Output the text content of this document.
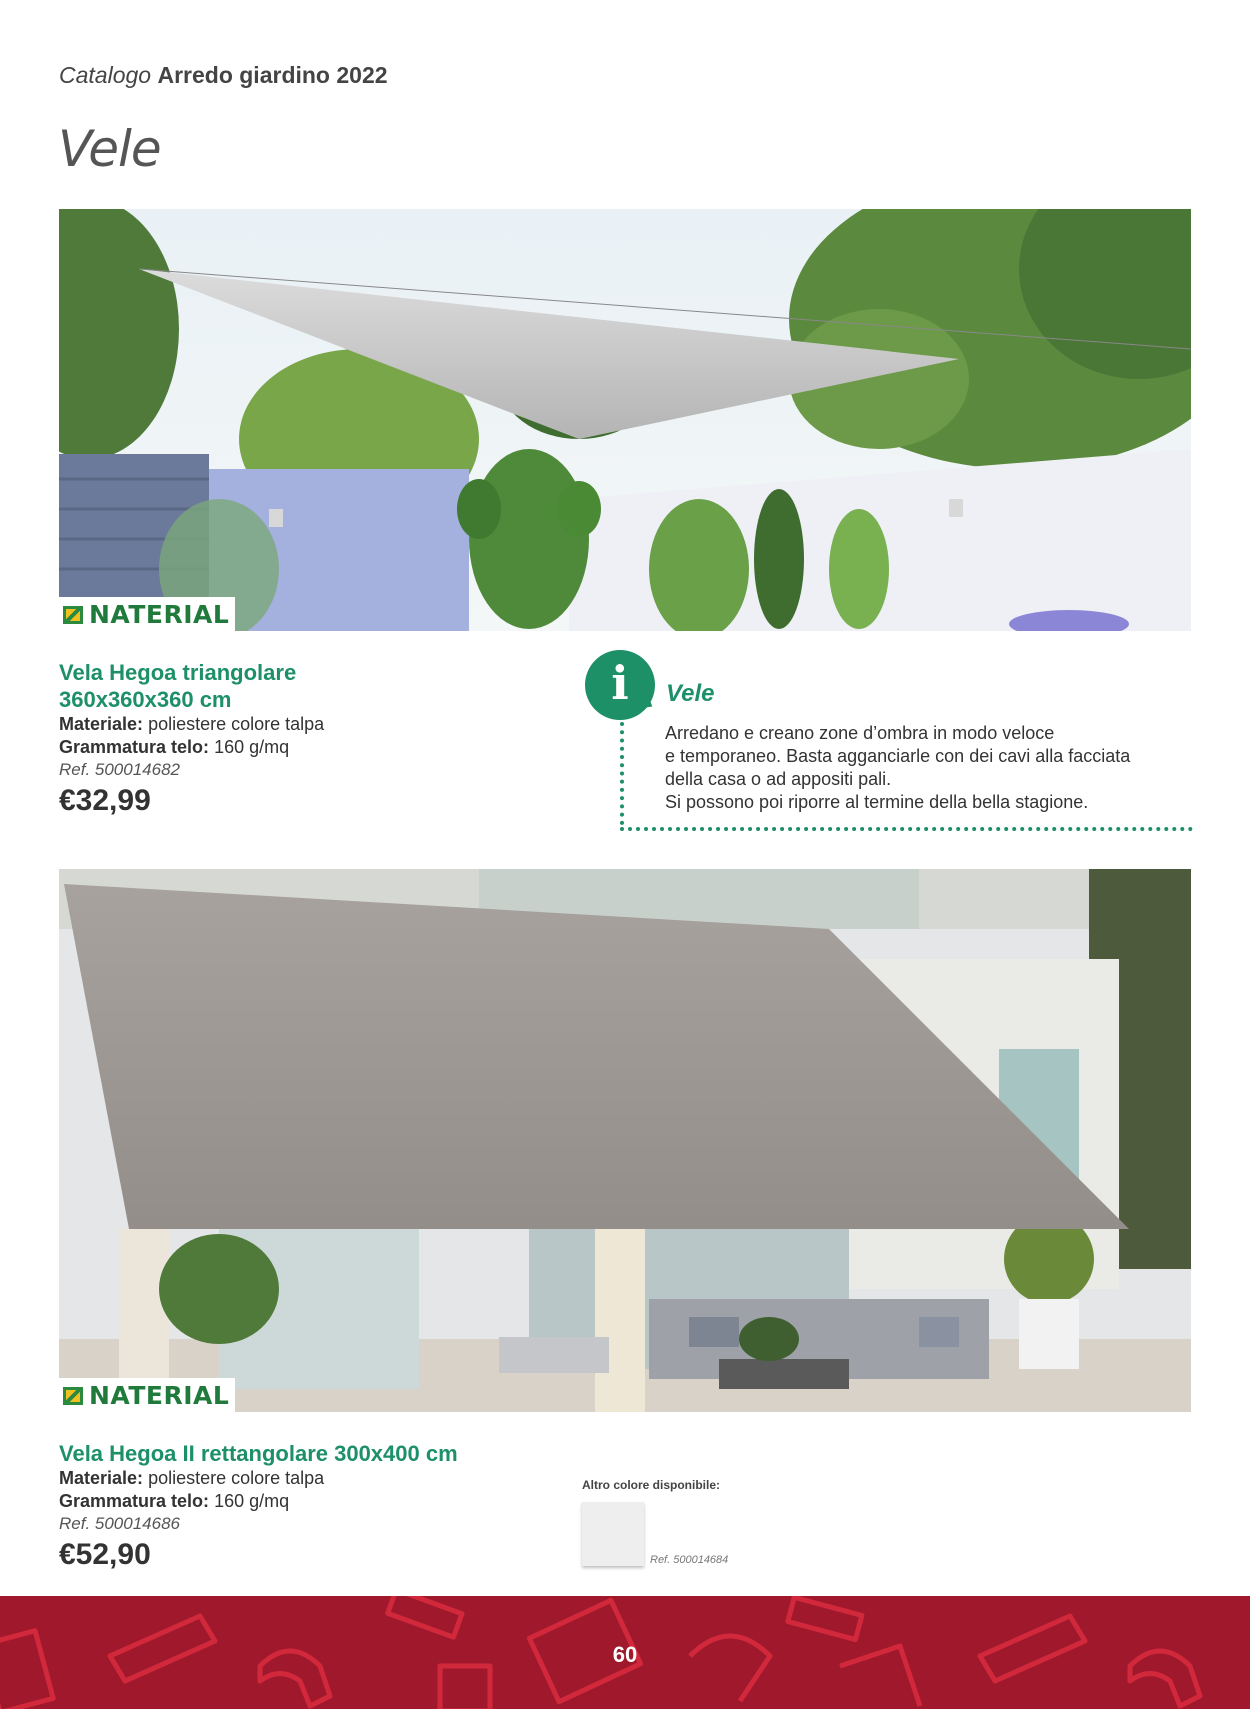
Catalogo Arredo giardino 2022
Vele
NATERIAL
Vela Hegoa triangolare
360x360x360 cm
Materiale: poliestere colore talpa
Grammatura telo: 160 g/mq
Ref. 500014682
€32,99
i	Vele
Arredano e creano zone d’ombra in modo veloce
e temporaneo. Basta agganciarle con dei cavi alla facciata
della casa o ad appositi pali.
Si possono poi riporre al termine della bella stagione.
NATERIAL
Vela Hegoa II rettangolare 300x400 cm
Materiale: poliestere colore talpa
Grammatura telo: 160 g/mq
Ref. 500014686
€52,90
Altro colore disponibile:
Ref. 500014684
60
